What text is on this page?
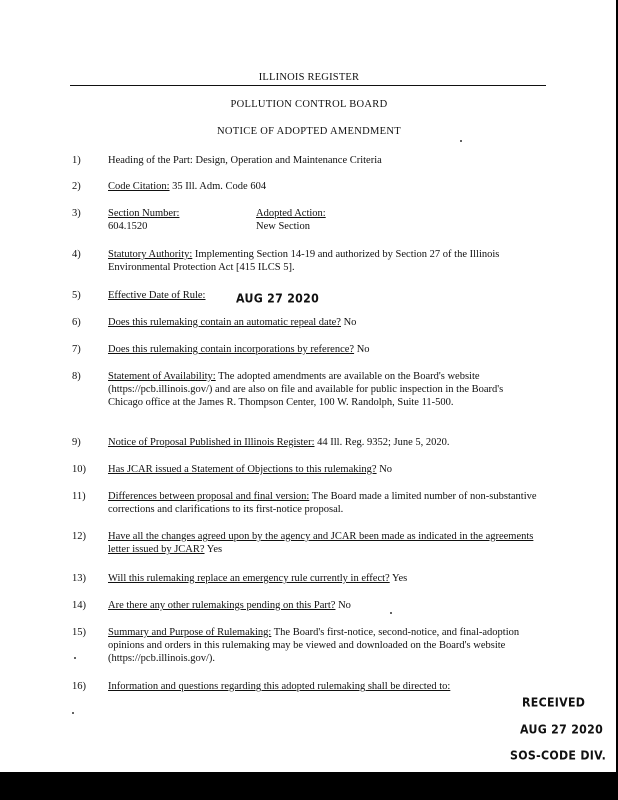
ILLINOIS REGISTER
POLLUTION CONTROL BOARD
NOTICE OF ADOPTED AMENDMENT
1)	Heading of the Part: Design, Operation and Maintenance Criteria
2)	Code Citation: 35 Ill. Adm. Code 604
3)	Section Number:
604.1520
Adopted Action:
New Section
4)	Statutory Authority: Implementing Section 14-19 and authorized by Section 27 of the Illinois Environmental Protection Act [415 ILCS 5].
5)	Effective Date of Rule:	AUG 27 2020
6)	Does this rulemaking contain an automatic repeal date? No
7)	Does this rulemaking contain incorporations by reference? No
8)	Statement of Availability: The adopted amendments are available on the Board's website (https://pcb.illinois.gov/) and are also on file and available for public inspection in the Board's Chicago office at the James R. Thompson Center, 100 W. Randolph, Suite 11-500.
9)	Notice of Proposal Published in Illinois Register: 44 Ill. Reg. 9352; June 5, 2020.
10)	Has JCAR issued a Statement of Objections to this rulemaking? No
11)	Differences between proposal and final version: The Board made a limited number of non-substantive corrections and clarifications to its first-notice proposal.
12)	Have all the changes agreed upon by the agency and JCAR been made as indicated in the agreements letter issued by JCAR? Yes
13)	Will this rulemaking replace an emergency rule currently in effect? Yes
14)	Are there any other rulemakings pending on this Part? No
15)	Summary and Purpose of Rulemaking: The Board's first-notice, second-notice, and final-adoption opinions and orders in this rulemaking may be viewed and downloaded on the Board's website (https://pcb.illinois.gov/).
16)	Information and questions regarding this adopted rulemaking shall be directed to:
RECEIVED
AUG 27 2020
SOS-CODE DIV.
